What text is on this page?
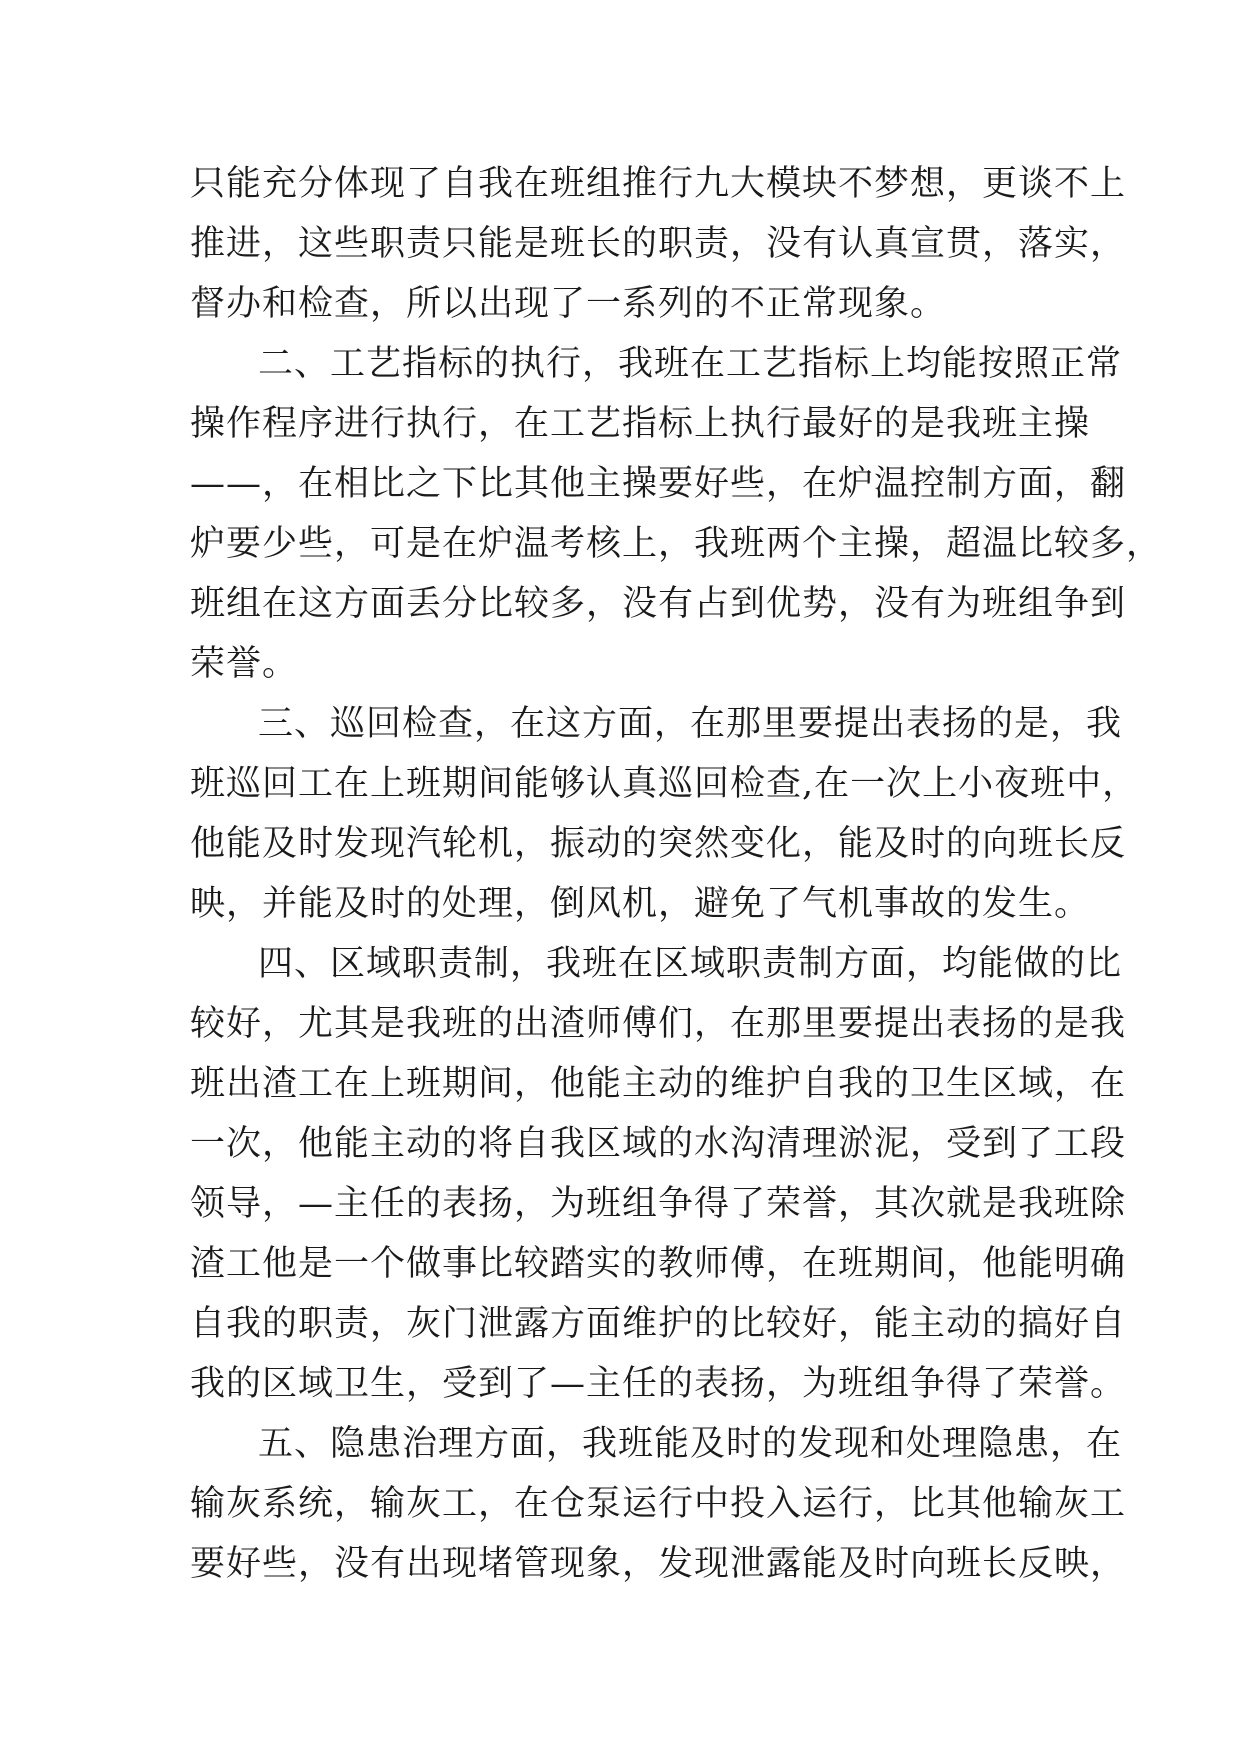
只能充分体现了自我在班组推行九大模块不梦想，更谈不上
推进，这些职责只能是班长的职责，没有认真宣贯，落实，
督办和检查，所以出现了一系列的不正常现象。
二、工艺指标的执行，我班在工艺指标上均能按照正常
操作程序进行执行，在工艺指标上执行最好的是我班主操
——，在相比之下比其他主操要好些，在炉温控制方面，翻
炉要少些，可是在炉温考核上，我班两个主操，超温比较多，
班组在这方面丢分比较多，没有占到优势，没有为班组争到
荣誉。
三、巡回检查，在这方面，在那里要提出表扬的是，我
班巡回工在上班期间能够认真巡回检查,在一次上小夜班中，
他能及时发现汽轮机，振动的突然变化，能及时的向班长反
映，并能及时的处理，倒风机，避免了气机事故的发生。
四、区域职责制，我班在区域职责制方面，均能做的比
较好，尤其是我班的出渣师傅们，在那里要提出表扬的是我
班出渣工在上班期间，他能主动的维护自我的卫生区域，在
一次，他能主动的将自我区域的水沟清理淤泥，受到了工段
领导，—主任的表扬，为班组争得了荣誉，其次就是我班除
渣工他是一个做事比较踏实的教师傅，在班期间，他能明确
自我的职责，灰门泄露方面维护的比较好，能主动的搞好自
我的区域卫生，受到了—主任的表扬，为班组争得了荣誉。
五、隐患治理方面，我班能及时的发现和处理隐患，在
输灰系统，输灰工，在仓泵运行中投入运行，比其他输灰工
要好些，没有出现堵管现象，发现泄露能及时向班长反映，
